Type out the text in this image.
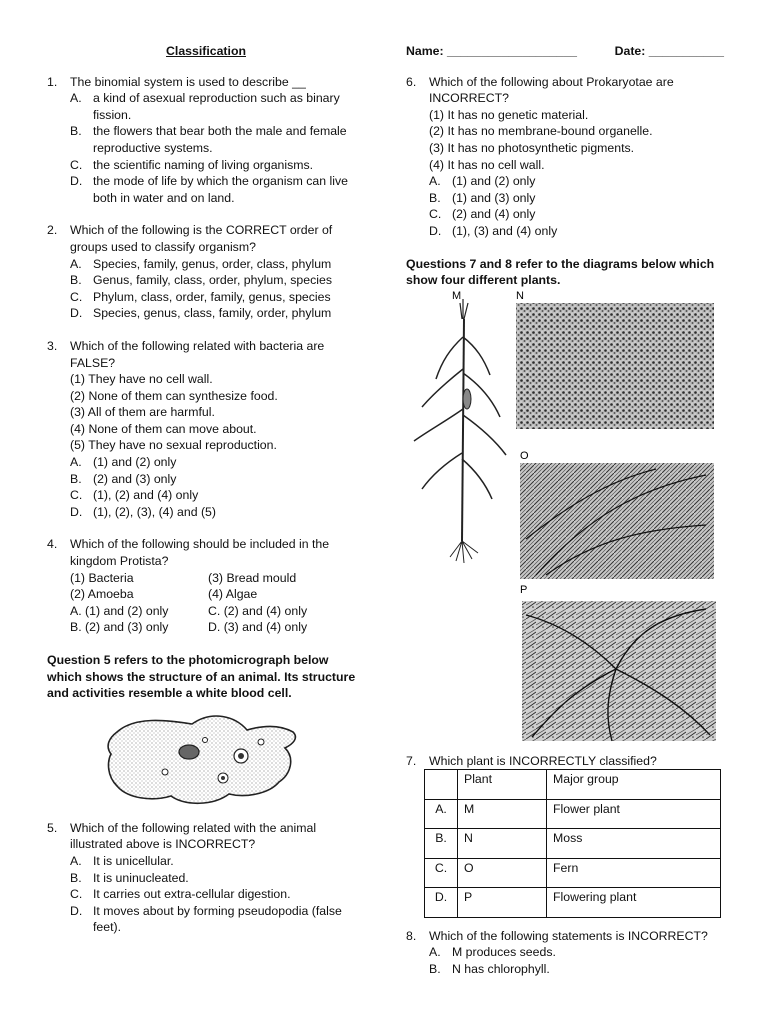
Classification
1.	The binomial system is used to describe __
A. a kind of asexual reproduction such as binary fission.
B. the flowers that bear both the male and female reproductive systems.
C. the scientific naming of living organisms.
D. the mode of life by which the organism can live both in water and on land.
2.	Which of the following is the CORRECT order of groups used to classify organism?
A. Species, family, genus, order, class, phylum
B. Genus, family, class, order, phylum, species
C. Phylum, class, order, family, genus, species
D. Species, genus, class, family, order, phylum
3.	Which of the following related with bacteria are FALSE?
(1) They have no cell wall.
(2) None of them can synthesize food.
(3) All of them are harmful.
(4) None of them can move about.
(5) They have no sexual reproduction.
A. (1) and (2) only
B. (2) and (3) only
C. (1), (2) and (4) only
D. (1), (2), (3), (4) and (5)
4.	Which of the following should be included in the kingdom Protista?
(1) Bacteria	(3) Bread mould
(2) Amoeba	(4) Algae
A. (1) and (2) only	C. (2) and (4) only
B. (2) and (3) only	D. (3) and (4) only
Question 5 refers to the photomicrograph below which shows the structure of an animal. Its structure and activities resemble a white blood cell.
5.	Which of the following related with the animal illustrated above is INCORRECT?
A. It is unicellular.
B. It is uninucleated.
C. It carries out extra-cellular digestion.
D. It moves about by forming pseudopodia (false feet).
Name: ___________________	Date: ___________
6.	Which of the following about Prokaryotae are INCORRECT?
(1) It has no genetic material.
(2) It has no membrane-bound organelle.
(3) It has no photosynthetic pigments.
(4) It has no cell wall.
A. (1) and (2) only
B. (1) and (3) only
C. (2) and (4) only
D. (1), (3) and (4) only
Questions 7 and 8 refer to the diagrams below which show four different plants.
M	N
O
P
7.	Which plant is INCORRECTLY classified?
	Plant	Major group
A.	M	Flower plant
B.	N	Moss
C.	O	Fern
D.	P	Flowering plant
8.	Which of the following statements is INCORRECT?
A. M produces seeds.
B. N has chlorophyll.
